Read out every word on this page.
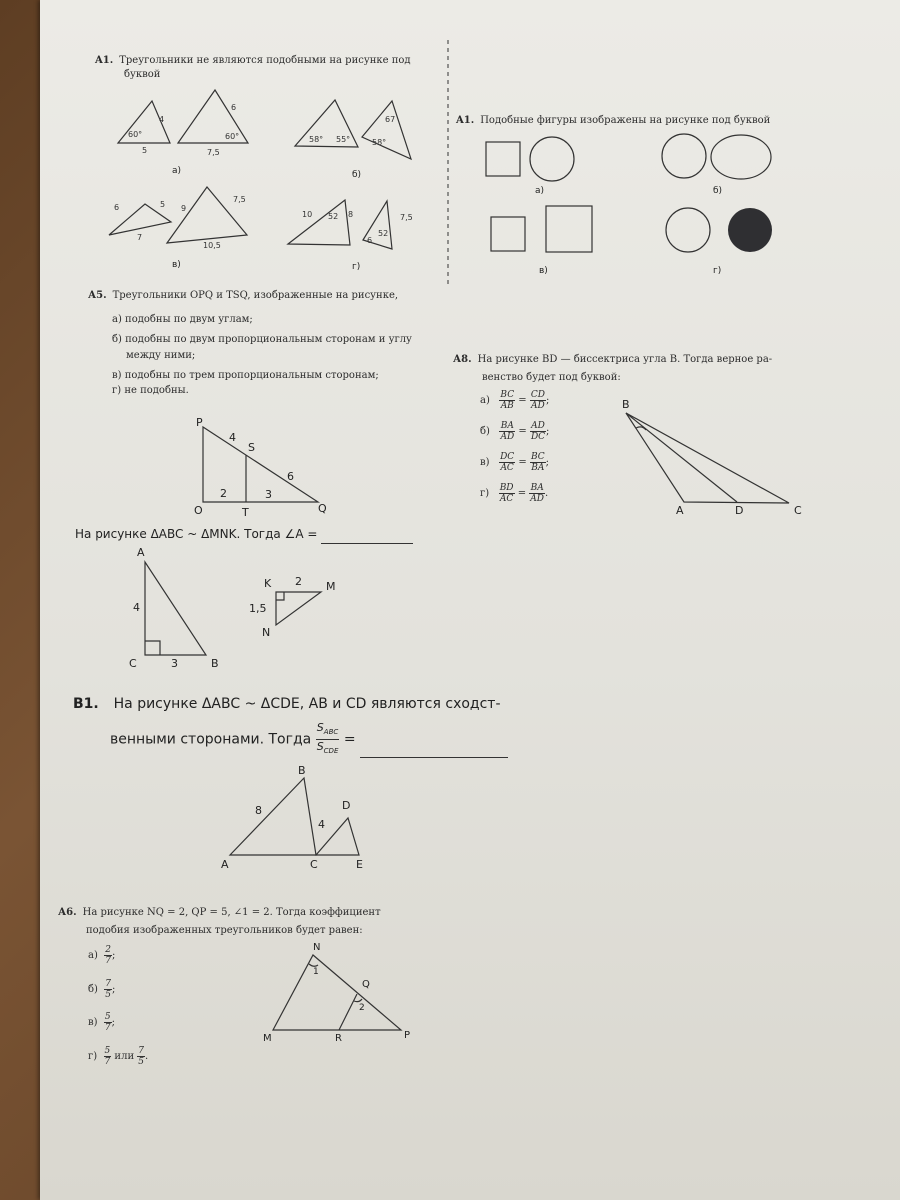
A1. Треугольники не являются подобными на рисунке под
буквой
60°
4
5
6
60°
7,5
а)
58° 55°
67
58°
б)
6	5
7
9
7,5
10,5
в)
10 52 8	7,5
6
52
г)
A1. Подобные фигуры изображены на рисунке под буквой
а)	б)
в)	г)
А5. Треугольники OPQ и TSQ, изображенные на рисунке,
а) подобны по двум углам;
б) подобны по двум пропорциональным сторонам и углу
между ними;
в) подобны по трем пропорциональным сторонам;
г) не подобны.
P
S
O	T	Q
4
6
2	3
А8. На рисунке BD — биссектриса угла B. Тогда верное ра-
венство будет под буквой:
$а) \frac{BC}{AB} = \frac{CD}{AD}$ ;
$б) \frac{BA}{AD} = \frac{AD}{DC}$ ;
$в) \frac{DC}{AC} = \frac{BC}{BA}$ ;
$г) \frac{BD}{AC} = \frac{BA}{AD}$ .
B
A	D	C
На рисунке ΔABC ~ ΔMNK. Тогда ∠A =
A
4
C	3	B
K 2 M
1,5
N
B1. На рисунке ΔABC ~ ΔCDE, AB и CD являются сходст-
венными сторонами. Тогда $\frac{S_{ABC}}{S_{CDE}}$ =
A
B
C
D
E
8
4
А6. На рисунке NQ = 2, QP = 5, ∠1 = 2. Тогда коэффициент
подобия изображенных треугольников будет равен:
$а) \frac{2}{7}$ ;
$б) \frac{7}{5}$ ;
$в) \frac{5}{7}$ ;
$г) \frac{5}{7}$ или $\frac{7}{5}$ .
N
1
Q
2
M	R	P
